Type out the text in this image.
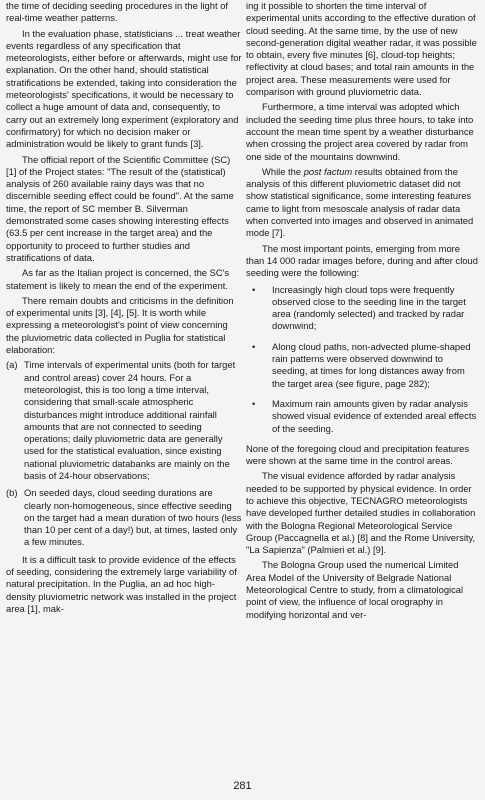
the time of deciding seeding procedures in the light of real-time weather patterns.

In the evaluation phase, statisticians ... treat weather events regardless of any specification that meteorologists, either before or afterwards, might use for explanation. On the other hand, should statistical stratifications be extended, taking into consideration the meteorologists' specifications, it would be necessary to collect a huge amount of data and, consequently, to carry out an extremely long experiment (exploratory and confirmatory) for which no decision maker or administration would be likely to grant funds [3].

The official report of the Scientific Committee (SC) [1] of the Project states: "The result of the (statistical) analysis of 260 available rainy days was that no discernible seeding effect could be found". At the same time, the report of SC member B. Silverman demonstrated some cases showing interesting effects (63.5 per cent increase in the target area) and the opportunity to proceed to further studies and stratifications of data.

As far as the Italian project is concerned, the SC's statement is likely to mean the end of the experiment.

There remain doubts and criticisms in the definition of experimental units [3], [4], [5]. It is worth while expressing a meteorologist's point of view concerning the pluviometric data collected in Puglia for statistical elaboration:

(a) Time intervals of experimental units (both for target and control areas) cover 24 hours. For a meteorologist, this is too long a time interval, considering that small-scale atmospheric disturbances might introduce additional rainfall amounts that are not connected to seeding operations; daily pluviometric data are generally used for the statistical evaluation, since existing national pluviometric databanks are mainly on the basis of 24-hour observations;
(b) On seeded days, cloud seeding durations are clearly non-homogeneous, since effective seeding on the target had a mean duration of two hours (less than 10 per cent of a day!) but, at times, lasted only a few minutes.

It is a difficult task to provide evidence of the effects of seeding, considering the extremely large variability of natural precipitation. In the Puglia, an ad hoc high-density pluviometric network was installed in the project area [1], mak-

ing it possible to shorten the time interval of experimental units according to the effective duration of cloud seeding. At the same time, by the use of new second-generation digital weather radar, it was possible to obtain, every five minutes [6], cloud-top heights; reflectivity at cloud bases; and total rain amounts in the project area. These measurements were used for comparison with ground pluviometric data.

Furthermore, a time interval was adopted which included the seeding time plus three hours, to take into account the mean time spent by a weather disturbance when crossing the project area covered by radar from one side of the mountains downwind.

While the post factum results obtained from the analysis of this different pluviometric dataset did not show statistical significance, some interesting features came to light from mesoscale analysis of radar data when converted into images and observed in animated mode [7].

The most important points, emerging from more than 14 000 radar images before, during and after cloud seeding were the following:

•	Increasingly high cloud tops were frequently observed close to the seeding line in the target area (randomly selected) and tracked by radar downwind;
•	Along cloud paths, non-advected plume-shaped rain patterns were observed downwind to seeding, at times for long distances away from the target area (see figure, page 282);
•	Maximum rain amounts given by radar analysis showed visual evidence of extended areal effects of the seeding.

None of the foregoing cloud and precipitation features were shown at the same time in the control areas.

The visual evidence afforded by radar analysis needed to be supported by physical evidence. In order to achieve this objective, TECNAGRO meteorologists have developed further detailed studies in collaboration with the Bologna Regional Meteorological Service Group (Paccagnella et al.) [8] and the Rome University, "La Sapienza" (Palmieri et al.) [9].

The Bologna Group used the numerical Limited Area Model of the University of Belgrade National Meteorological Centre to study, from a climatological point of view, the influence of local orography in modifying horizontal and ver-

281
